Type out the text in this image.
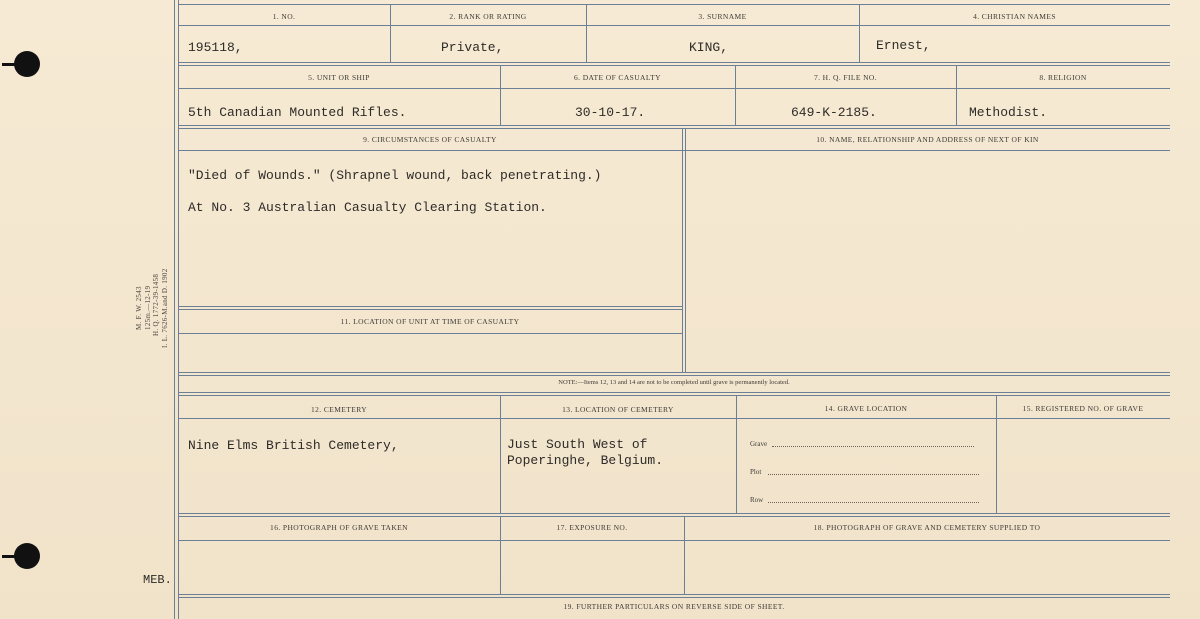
M. F. W. 2543 125m.—12-19 H. Q. 1772-39-1458 I. L. 7626-M.and D. 1902
MEB.
1. NO.	2. RANK OR RATING	3. SURNAME	4. CHRISTIAN NAMES
195118,	Private,	KING,	Ernest,
5. UNIT OR SHIP	6. DATE OF CASUALTY	7. H. Q. FILE NO.	8. RELIGION
5th Canadian Mounted Rifles.	30-10-17.	649-K-2185.	Methodist.
9. CIRCUMSTANCES OF CASUALTY	10. NAME, RELATIONSHIP AND ADDRESS OF NEXT OF KIN
"Died of Wounds." (Shrapnel wound, back penetrating.)
At No. 3 Australian Casualty Clearing Station.
11. LOCATION OF UNIT AT TIME OF CASUALTY
NOTE:—Items 12, 13 and 14 are not to be completed until grave is permanently located.
12. CEMETERY	13. LOCATION OF CEMETERY	14. GRAVE LOCATION	15. REGISTERED NO. OF GRAVE
Nine Elms British Cemetery,	Just South West of
Poperinghe, Belgium.
Grave
Plot
Row
16. PHOTOGRAPH OF GRAVE TAKEN	17. EXPOSURE NO.	18. PHOTOGRAPH OF GRAVE AND CEMETERY SUPPLIED TO
19. FURTHER PARTICULARS ON REVERSE SIDE OF SHEET.
